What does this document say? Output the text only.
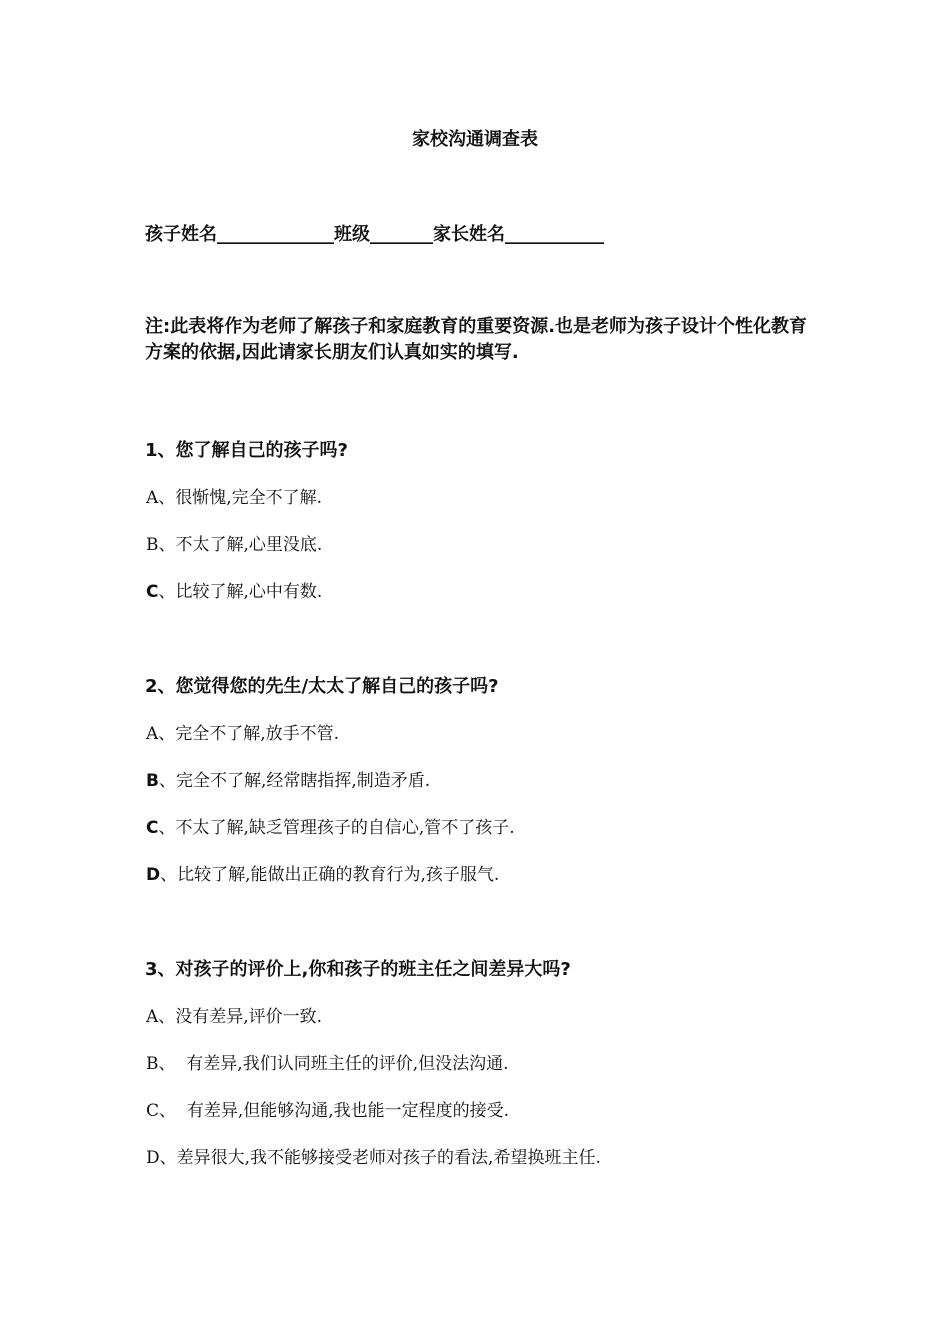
家校沟通调查表
孩子姓名_____________班级_______家长姓名___________
注:此表将作为老师了解孩子和家庭教育的重要资源.也是老师为孩子设计个性化教育方案的依据,因此请家长朋友们认真如实的填写.
1、您了解自己的孩子吗?
A、很惭愧,完全不了解.
B、不太了解,心里没底.
C、比较了解,心中有数.
2、您觉得您的先生/太太了解自己的孩子吗?
A、完全不了解,放手不管.
B、完全不了解,经常瞎指挥,制造矛盾.
C、不太了解,缺乏管理孩子的自信心,管不了孩子.
D、比较了解,能做出正确的教育行为,孩子服气.
3、对孩子的评价上,你和孩子的班主任之间差异大吗?
A、没有差异,评价一致.
B、  有差异,我们认同班主任的评价,但没法沟通.
C、  有差异,但能够沟通,我也能一定程度的接受.
D、差异很大,我不能够接受老师对孩子的看法,希望换班主任.
